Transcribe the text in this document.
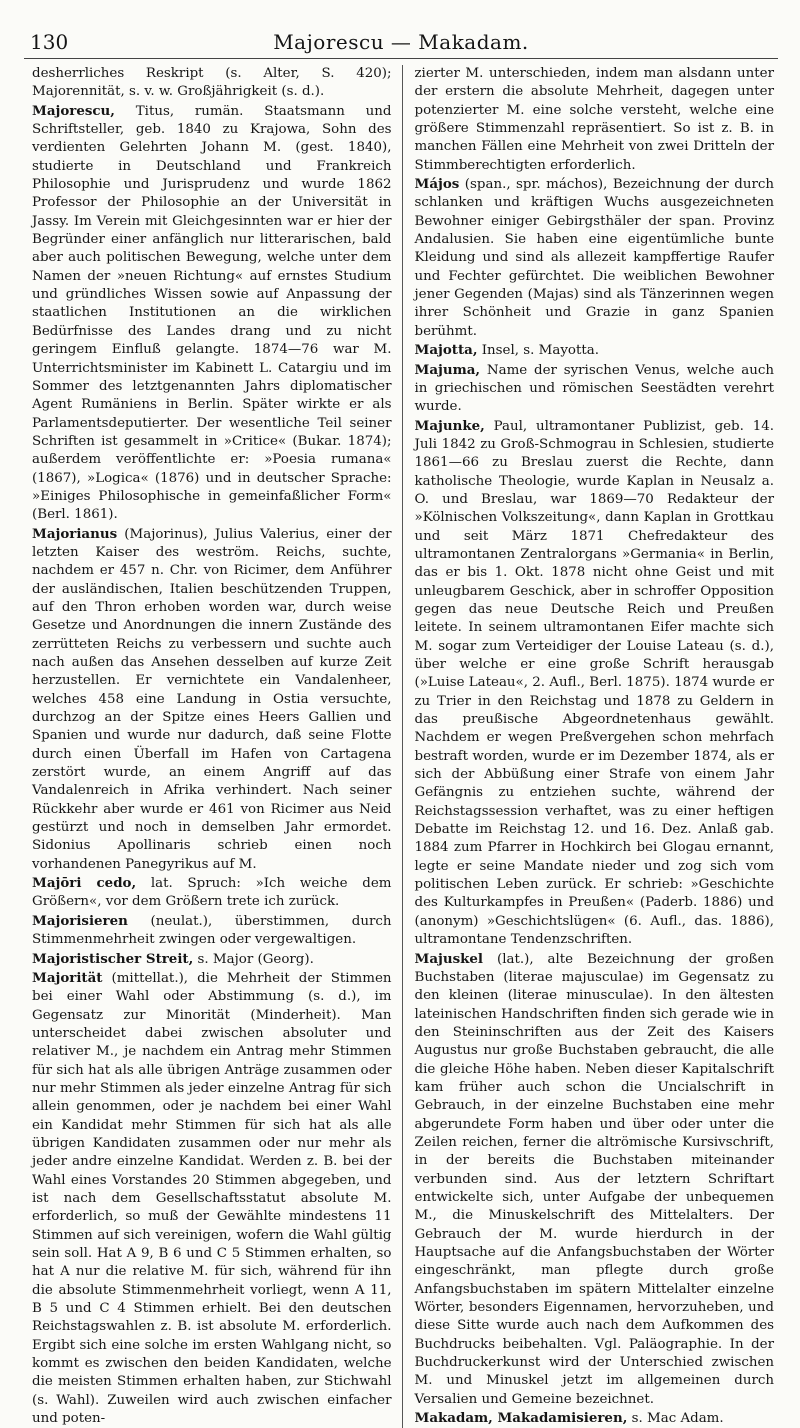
130	Majorescu — Makadam.

desherrliches Reskript (s. Alter, S. 420); Majorennität, s. v. w. Großjährigkeit (s. d.).

Majorescu, Titus, rumän. Staatsmann und Schriftsteller, geb. 1840 zu Krajowa, Sohn des verdienten Gelehrten Johann M. (gest. 1840), studierte in Deutschland und Frankreich Philosophie und Jurisprudenz und wurde 1862 Professor der Philosophie an der Universität in Jassy. Im Verein mit Gleichgesinnten war er hier der Begründer einer anfänglich nur litterarischen, bald aber auch politischen Bewegung, welche unter dem Namen der »neuen Richtung« auf ernstes Studium und gründliches Wissen sowie auf Anpassung der staatlichen Institutionen an die wirklichen Bedürfnisse des Landes drang und zu nicht geringem Einfluß gelangte. 1874—76 war M. Unterrichtsminister im Kabinett L. Catargiu und im Sommer des letztgenannten Jahrs diplomatischer Agent Rumäniens in Berlin. Später wirkte er als Parlamentsdeputierter. Der wesentliche Teil seiner Schriften ist gesammelt in »Critice« (Bukar. 1874); außerdem veröffentlichte er: »Poesia rumana« (1867), »Logica« (1876) und in deutscher Sprache: »Einiges Philosophische in gemeinfaßlicher Form« (Berl. 1861).

Majorianus (Majorinus), Julius Valerius, einer der letzten Kaiser des weström. Reichs, suchte, nachdem er 457 n. Chr. von Ricimer, dem Anführer der ausländischen, Italien beschützenden Truppen, auf den Thron erhoben worden war, durch weise Gesetze und Anordnungen die innern Zustände des zerrütteten Reichs zu verbessern und suchte auch nach außen das Ansehen desselben auf kurze Zeit herzustellen. Er vernichtete ein Vandalenheer, welches 458 eine Landung in Ostia versuchte, durchzog an der Spitze eines Heers Gallien und Spanien und wurde nur dadurch, daß seine Flotte durch einen Überfall im Hafen von Cartagena zerstört wurde, an einem Angriff auf das Vandalenreich in Afrika verhindert. Nach seiner Rückkehr aber wurde er 461 von Ricimer aus Neid gestürzt und noch in demselben Jahr ermordet. Sidonius Apollinaris schrieb einen noch vorhandenen Panegyrikus auf M.

Majōri cedo, lat. Spruch: »Ich weiche dem Größern«, vor dem Größern trete ich zurück.

Majorisieren (neulat.), überstimmen, durch Stimmenmehrheit zwingen oder vergewaltigen.

Majoristischer Streit, s. Major (Georg).

Majorität (mittellat.), die Mehrheit der Stimmen bei einer Wahl oder Abstimmung (s. d.), im Gegensatz zur Minorität (Minderheit). Man unterscheidet dabei zwischen absoluter und relativer M., je nachdem ein Antrag mehr Stimmen für sich hat als alle übrigen Anträge zusammen oder nur mehr Stimmen als jeder einzelne Antrag für sich allein genommen, oder je nachdem bei einer Wahl ein Kandidat mehr Stimmen für sich hat als alle übrigen Kandidaten zusammen oder nur mehr als jeder andre einzelne Kandidat. Werden z. B. bei der Wahl eines Vorstandes 20 Stimmen abgegeben, und ist nach dem Gesellschaftsstatut absolute M. erforderlich, so muß der Gewählte mindestens 11 Stimmen auf sich vereinigen, wofern die Wahl gültig sein soll. Hat A 9, B 6 und C 5 Stimmen erhalten, so hat A nur die relative M. für sich, während für ihn die absolute Stimmenmehrheit vorliegt, wenn A 11, B 5 und C 4 Stimmen erhielt. Bei den deutschen Reichstagswahlen z. B. ist absolute M. erforderlich. Ergibt sich eine solche im ersten Wahlgang nicht, so kommt es zwischen den beiden Kandidaten, welche die meisten Stimmen erhalten haben, zur Stichwahl (s. Wahl). Zuweilen wird auch zwischen einfacher und poten-

zierter M. unterschieden, indem man alsdann unter der erstern die absolute Mehrheit, dagegen unter potenzierter M. eine solche versteht, welche eine größere Stimmenzahl repräsentiert. So ist z. B. in manchen Fällen eine Mehrheit von zwei Dritteln der Stimmberechtigten erforderlich.

Májos (span., spr. máchos), Bezeichnung der durch schlanken und kräftigen Wuchs ausgezeichneten Bewohner einiger Gebirgsthäler der span. Provinz Andalusien. Sie haben eine eigentümliche bunte Kleidung und sind als allezeit kampffertige Raufer und Fechter gefürchtet. Die weiblichen Bewohner jener Gegenden (Majas) sind als Tänzerinnen wegen ihrer Schönheit und Grazie in ganz Spanien berühmt.

Majotta, Insel, s. Mayotta.

Majuma, Name der syrischen Venus, welche auch in griechischen und römischen Seestädten verehrt wurde.

Majunke, Paul, ultramontaner Publizist, geb. 14. Juli 1842 zu Groß-Schmograu in Schlesien, studierte 1861—66 zu Breslau zuerst die Rechte, dann katholische Theologie, wurde Kaplan in Neusalz a. O. und Breslau, war 1869—70 Redakteur der »Kölnischen Volkszeitung«, dann Kaplan in Grottkau und seit März 1871 Chefredakteur des ultramontanen Zentralorgans »Germania« in Berlin, das er bis 1. Okt. 1878 nicht ohne Geist und mit unleugbarem Geschick, aber in schroffer Opposition gegen das neue Deutsche Reich und Preußen leitete. In seinem ultramontanen Eifer machte sich M. sogar zum Verteidiger der Louise Lateau (s. d.), über welche er eine große Schrift herausgab (»Luise Lateau«, 2. Aufl., Berl. 1875). 1874 wurde er zu Trier in den Reichstag und 1878 zu Geldern in das preußische Abgeordnetenhaus gewählt. Nachdem er wegen Preßvergehen schon mehrfach bestraft worden, wurde er im Dezember 1874, als er sich der Abbüßung einer Strafe von einem Jahr Gefängnis zu entziehen suchte, während der Reichstagssession verhaftet, was zu einer heftigen Debatte im Reichstag 12. und 16. Dez. Anlaß gab. 1884 zum Pfarrer in Hochkirch bei Glogau ernannt, legte er seine Mandate nieder und zog sich vom politischen Leben zurück. Er schrieb: »Geschichte des Kulturkampfes in Preußen« (Paderb. 1886) und (anonym) »Geschichtslügen« (6. Aufl., das. 1886), ultramontane Tendenzschriften.

Majuskel (lat.), alte Bezeichnung der großen Buchstaben (literae majusculae) im Gegensatz zu den kleinen (literae minusculae). In den ältesten lateinischen Handschriften finden sich gerade wie in den Steininschriften aus der Zeit des Kaisers Augustus nur große Buchstaben gebraucht, die alle die gleiche Höhe haben. Neben dieser Kapitalschrift kam früher auch schon die Uncialschrift in Gebrauch, in der einzelne Buchstaben eine mehr abgerundete Form haben und über oder unter die Zeilen reichen, ferner die altrömische Kursivschrift, in der bereits die Buchstaben miteinander verbunden sind. Aus der letztern Schriftart entwickelte sich, unter Aufgabe der unbequemen M., die Minuskelschrift des Mittelalters. Der Gebrauch der M. wurde hierdurch in der Hauptsache auf die Anfangsbuchstaben der Wörter eingeschränkt, man pflegte durch große Anfangsbuchstaben im spätern Mittelalter einzelne Wörter, besonders Eigennamen, hervorzuheben, und diese Sitte wurde auch nach dem Aufkommen des Buchdrucks beibehalten. Vgl. Paläographie. In der Buchdruckerkunst wird der Unterschied zwischen M. und Minuskel jetzt im allgemeinen durch Versalien und Gemeine bezeichnet.

Makadam, Makadamisieren, s. Mac Adam.
